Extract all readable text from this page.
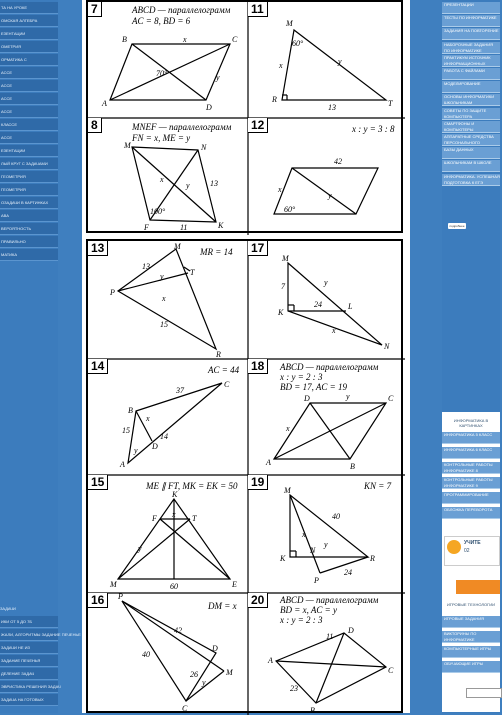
ТА НА УРОКЕ
ОМСКАЯ АЛГЕБРА
ЕЗЕНТАЦИИ
ОМЕТРИЯ
ОРМАТИКА С
АССЕ
АССЕ
АССЕ
АССЕ
КЛАССЕ
АССЕ
ЕЗЕНТАЦИИ
ЛЫЙ КРУГ С ЗАДАЧАМИ
ГЕОМЕТРИЯ
ГЕОМЕТРИЯ
ОЗАДАЧИ В КАРТИНКАХ
АВА
ВЕРОЯТНОСТЬ
ПРАВИЛЬНО
МАТИКА
ЗАДАЧИ
ИКИ ОТ 5 ДО 7Б
ЖАЛИ, АЛГОРИТМЫ ЗАДАНИЕ ПЕЧЕНЬЕ
ЗАДАЧИ НЕ ИЗ
ЗАДАНИЕ ПЕЧЕНЬЯ
ДЕЛЕНИЕ ЗАДАЧ
ЭВРИСТИКА РЕШЕНИЯ ЗАДАЧ
ЗАДАЧА НА ГОТОВЫХ
подробнее
ИНФОРМАТИКА В КАРТИНКАХ
УЧИТЕ
02
ИГРОВЫЕ ТЕХНОЛОГИИ
ПРЕЗЕНТАЦИИ
ТЕСТЫ ПО ИНФОРМАТИКЕ
ЗАДАНИЯ НА ПОВТОРЕНИЕ
НАБОРОЧНЫЕ ЗАДАНИЯ ПО ИНФОРМАТИКЕ
ПРАКТИКУМ ИСТОЧНИК ИНФОРМАЦИОННЫХ
РАБОТА С ФАЙЛАМИ
МОДЕЛИРОВАНИЕ
ОСНОВЫ ИНФОРМАТИКИ ШКОЛЬНИКАМ
СОВЕТЫ ПО ЗАЩИТЕ КОМПЬЮТЕРА
СМАРТФОНЫ И КОМПЬЮТЕРЫ
АППАРАТНЫЕ СРЕДСТВА ПЕРСОНАЛЬНОГО
БАЗЫ ДАННЫХ
ШКОЛЬНИКАМ В ШКОЛЕ
ИНФОРМАТИКА. УСПЕШНАЯ ПОДГОТОВКА К ЕГЭ
ИНФОРМАТИКА 5 КЛАСС
ИНФОРМАТИКА 6 КЛАСС
КОНТРОЛЬНЫЕ РАБОТЫ ИНФОРМАТИКЕ 8
КОНТРОЛЬНЫЕ РАБОТЫ ИНФОРМАТИКЕ 9
ПРОГРАММИРОВАНИЕ
ОБЛОЖКА ПЕРЕВОРОТА
ИГРОВЫЕ ЗАДАНИЯ
ВИКТОРИНЫ ПО ИНФОРМАТИКЕ
КОМПЬЮТЕРНЫЕ ИГРЫ
ОБУЧАЮЩИЕ ИГРЫ
7	ABCD — параллелограмм
AC = 8, BD = 6
B	C
A	D
x
y
70°
11
M
60°
x	y
R	T
13
8	MNEF — параллелограмм
FN = x, ME = y
M	N
F	K
13
11
100°
x
y
12	x : y = 3 : 8
42
x
y
60°
13	MR = 14
M
T
P
R
13
y
x
15
17
M
7	y
K
24	L
x
N
14	AC = 44
B
C
A
D
37
x
15
14
y
18	ABCD — параллелограмм
x : y = 2 : 3
BD = 17, AC = 19
D	y	C
x
A	B
15	ME ∥ FT, MK = EK = 50
K
F x T
y
M	E
60
19	KN = 7
M
40
K
N
y
R
P
x
24
16	DM = x
P
42
40
26
D
M
y
C
20	ABCD — параллелограмм
BD = x, AC = y
x : y = 2 : 3
11
D
A
23
C
B
